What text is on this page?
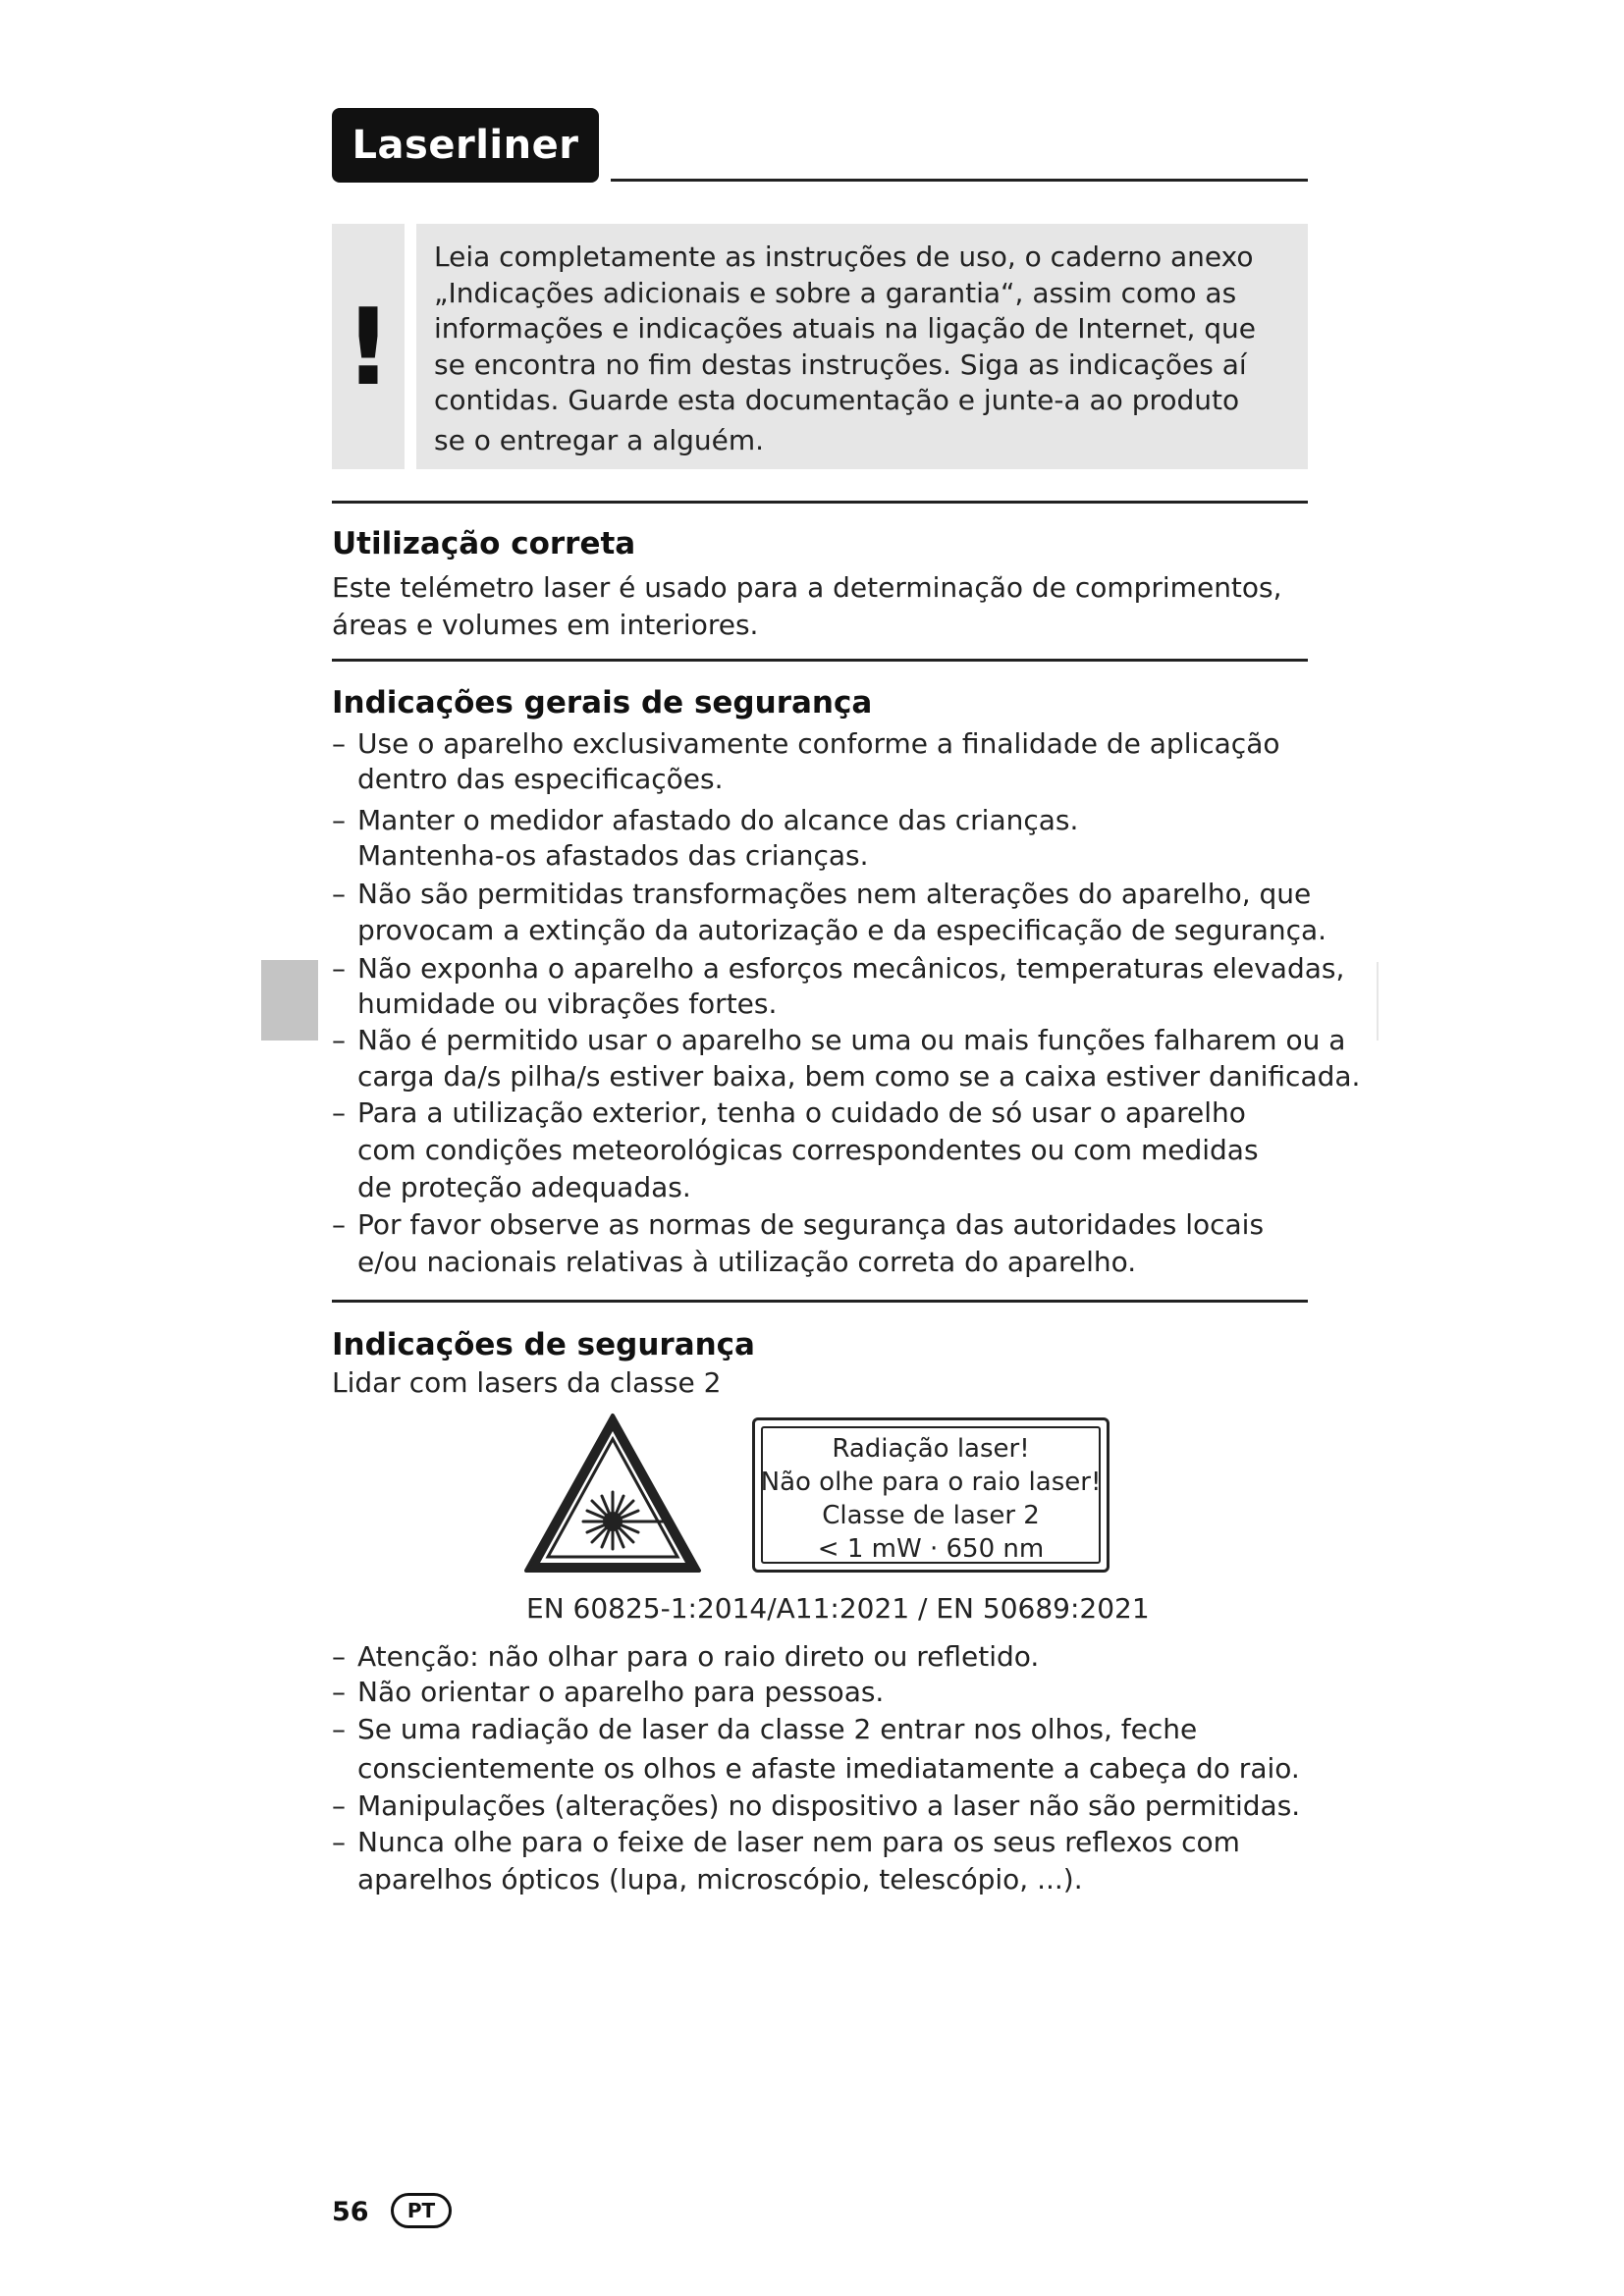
Laserliner
!
Leia completamente as instruções de uso, o caderno anexo
„Indicações adicionais e sobre a garantia“, assim como as
informações e indicações atuais na ligação de Internet, que
se encontra no fim destas instruções. Siga as indicações aí
contidas. Guarde esta documentação e junte-a ao produto
se o entregar a alguém.
Utilização correta
Este telémetro laser é usado para a determinação de comprimentos,
áreas e volumes em interiores.
Indicações gerais de segurança
– Use o aparelho exclusivamente conforme a finalidade de aplicação
dentro das especificações.
– Manter o medidor afastado do alcance das crianças.
Mantenha-os afastados das crianças.
– Não são permitidas transformações nem alterações do aparelho, que
provocam a extinção da autorização e da especificação de segurança.
– Não exponha o aparelho a esforços mecânicos, temperaturas elevadas,
humidade ou vibrações fortes.
– Não é permitido usar o aparelho se uma ou mais funções falharem ou a
carga da/s pilha/s estiver baixa, bem como se a caixa estiver danificada.
– Para a utilização exterior, tenha o cuidado de só usar o aparelho
com condições meteorológicas correspondentes ou com medidas
de proteção adequadas.
– Por favor observe as normas de segurança das autoridades locais
e/ou nacionais relativas à utilização correta do aparelho.
Indicações de segurança
Lidar com lasers da classe 2
Radiação laser!
Não olhe para o raio laser!
Classe de laser 2
< 1 mW · 650 nm
EN 60825-1:2014/A11:2021 / EN 50689:2021
– Atenção: não olhar para o raio direto ou refletido.
– Não orientar o aparelho para pessoas.
– Se uma radiação de laser da classe 2 entrar nos olhos, feche
conscientemente os olhos e afaste imediatamente a cabeça do raio.
– Manipulações (alterações) no dispositivo a laser não são permitidas.
– Nunca olhe para o feixe de laser nem para os seus reflexos com
aparelhos ópticos (lupa, microscópio, telescópio, ...).
56	PT
